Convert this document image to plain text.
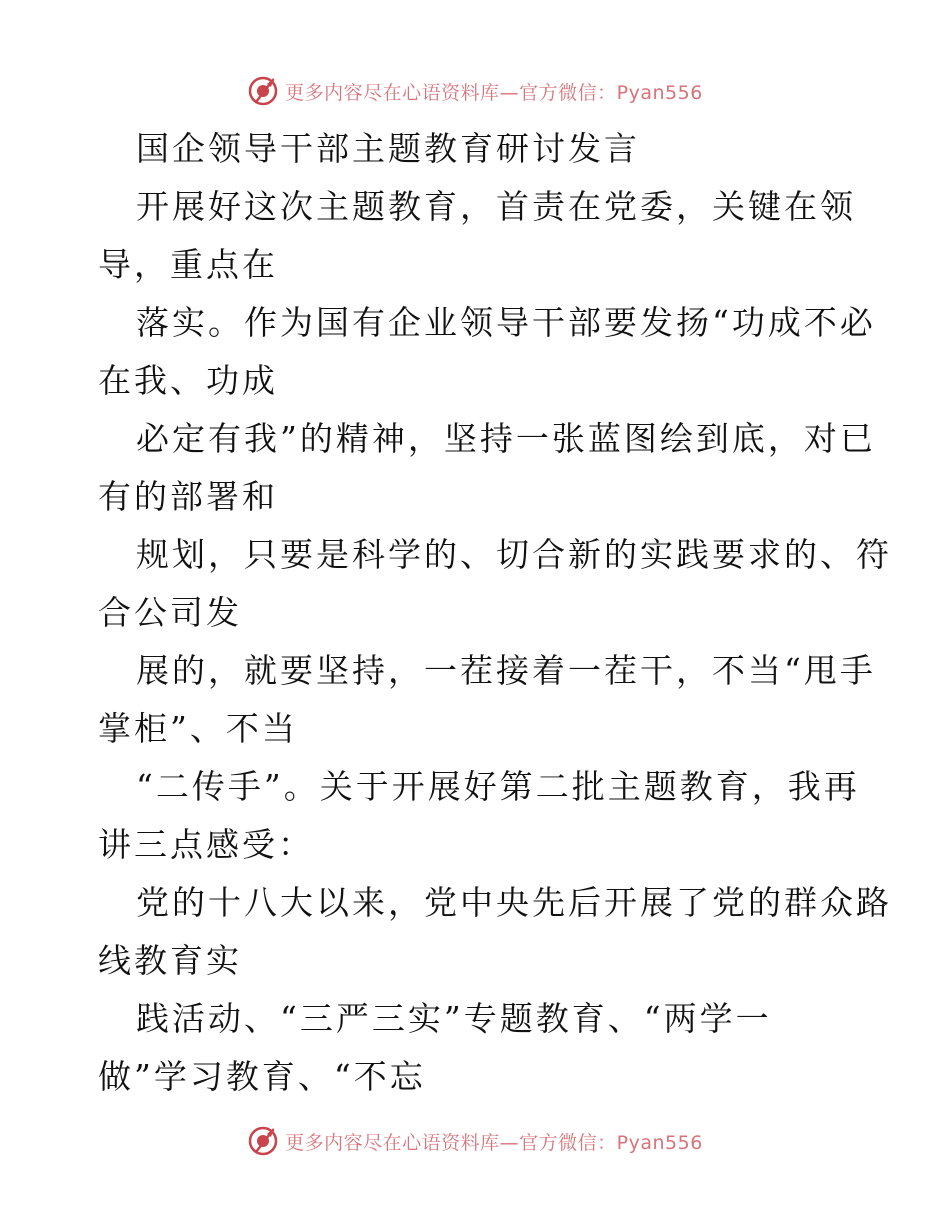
更多内容尽在心语资料库—官方微信：Pyan556
国企领导干部主题教育研讨发言
开展好这次主题教育，首责在党委，关键在领
导，重点在
落实。作为国有企业领导干部要发扬“功成不必
在我、功成
必定有我”的精神，坚持一张蓝图绘到底，对已
有的部署和
规划，只要是科学的、切合新的实践要求的、符
合公司发
展的，就要坚持，一茬接着一茬干，不当“甩手
掌柜”、不当
“二传手”。关于开展好第二批主题教育，我再
讲三点感受：
党的十八大以来，党中央先后开展了党的群众路
线教育实
践活动、“三严三实”专题教育、“两学一
做”学习教育、“不忘
更多内容尽在心语资料库—官方微信：Pyan556
